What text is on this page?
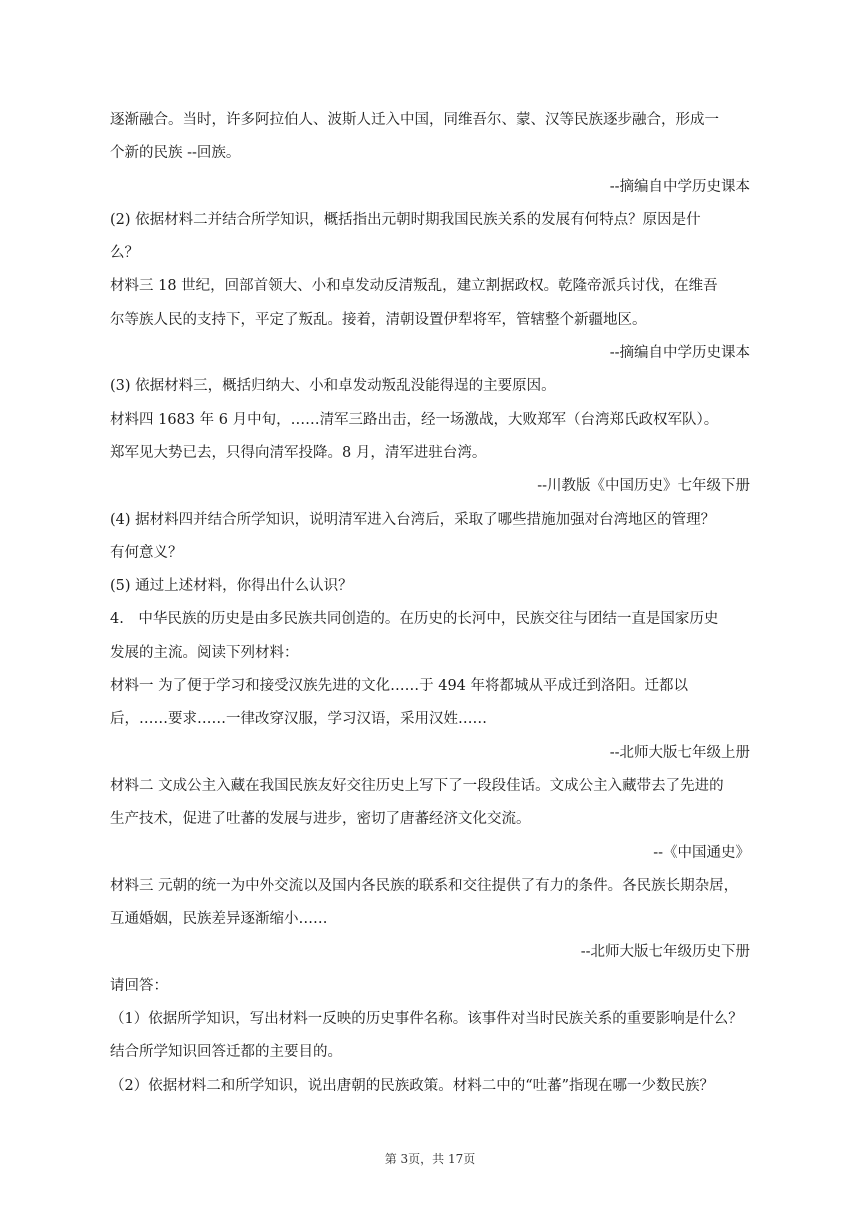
逐渐融合。当时，许多阿拉伯人、波斯人迁入中国，同维吾尔、蒙、汉等民族逐步融合，形成一
个新的民族 --回族。
--摘编自中学历史课本
(2) 依据材料二并结合所学知识，概括指出元朝时期我国民族关系的发展有何特点？原因是什
么？
材料三 18 世纪，回部首领大、小和卓发动反清叛乱，建立割据政权。乾隆帝派兵讨伐，在维吾
尔等族人民的支持下，平定了叛乱。接着，清朝设置伊犁将军，管辖整个新疆地区。
--摘编自中学历史课本
(3) 依据材料三，概括归纳大、小和卓发动叛乱没能得逞的主要原因。
材料四 1683 年 6 月中旬，……清军三路出击，经一场激战，大败郑军（台湾郑氏政权军队）。
郑军见大势已去，只得向清军投降。8 月，清军进驻台湾。
--川教版《中国历史》七年级下册
(4) 据材料四并结合所学知识，说明清军进入台湾后，采取了哪些措施加强对台湾地区的管理？
有何意义？
(5) 通过上述材料，你得出什么认识？
4.　中华民族的历史是由多民族共同创造的。在历史的长河中，民族交往与团结一直是国家历史
发展的主流。阅读下列材料：
材料一 为了便于学习和接受汉族先进的文化……于 494 年将都城从平成迁到洛阳。迁都以
后，……要求……一律改穿汉服，学习汉语，采用汉姓……
--北师大版七年级上册
材料二 文成公主入藏在我国民族友好交往历史上写下了一段段佳话。文成公主入藏带去了先进的
生产技术，促进了吐蕃的发展与进步，密切了唐蕃经济文化交流。
--《中国通史》
材料三 元朝的统一为中外交流以及国内各民族的联系和交往提供了有力的条件。各民族长期杂居，
互通婚姻，民族差异逐渐缩小……
--北师大版七年级历史下册
请回答：
（1）依据所学知识，写出材料一反映的历史事件名称。该事件对当时民族关系的重要影响是什么？
结合所学知识回答迁都的主要目的。
（2）依据材料二和所学知识，说出唐朝的民族政策。材料二中的“吐蕃”指现在哪一少数民族？
第 3页，共 17页
